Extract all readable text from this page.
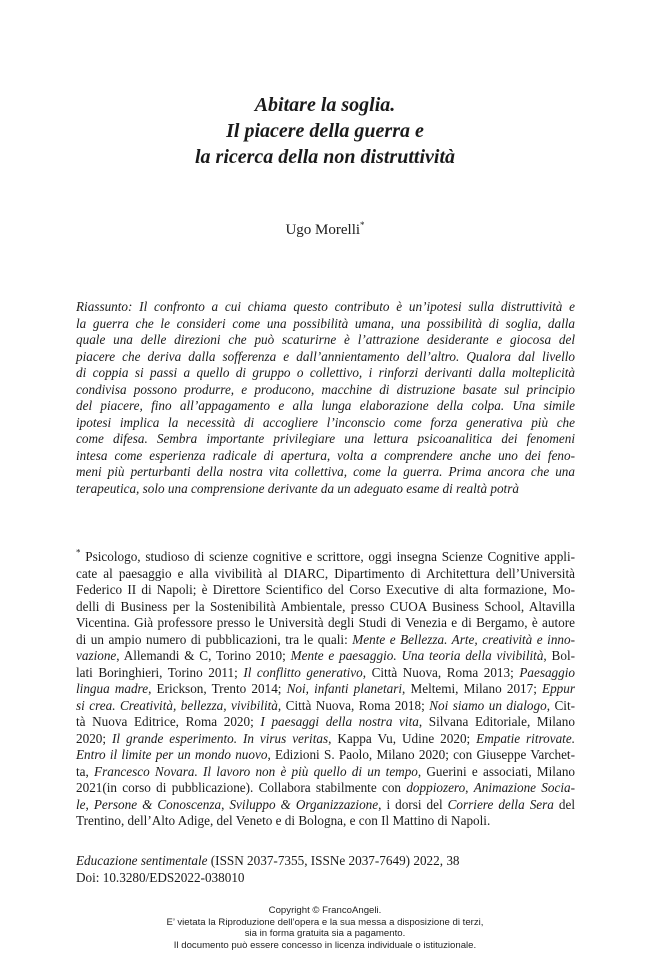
Abitare la soglia.
Il piacere della guerra e
la ricerca della non distruttività
Ugo Morelli*
Riassunto: Il confronto a cui chiama questo contributo è un’ipotesi sulla distruttività e
la guerra che le consideri come una possibilità umana, una possibilità di soglia, dalla
quale una delle direzioni che può scaturirne è l’attrazione desiderante e giocosa del
piacere che deriva dalla sofferenza e dall’annientamento dell’altro. Qualora dal livello
di coppia si passi a quello di gruppo o collettivo, i rinforzi derivanti dalla molteplicità
condivisa possono produrre, e producono, macchine di distruzione basate sul principio
del piacere, fino all’appagamento e alla lunga elaborazione della colpa. Una simile
ipotesi implica la necessità di accogliere l’inconscio come forza generativa più che
come difesa. Sembra importante privilegiare una lettura psicoanalitica dei fenomeni
intesa come esperienza radicale di apertura, volta a comprendere anche uno dei feno-
meni più perturbanti della nostra vita collettiva, come la guerra. Prima ancora che una
terapeutica, solo una comprensione derivante da un adeguato esame di realtà potrà
* Psicologo, studioso di scienze cognitive e scrittore, oggi insegna Scienze Cognitive appli-
cate al paesaggio e alla vivibilità al DIARC, Dipartimento di Architettura dell’Università
Federico II di Napoli; è Direttore Scientifico del Corso Executive di alta formazione, Mo-
delli di Business per la Sostenibilità Ambientale, presso CUOA Business School, Altavilla
Vicentina. Già professore presso le Università degli Studi di Venezia e di Bergamo, è autore
di un ampio numero di pubblicazioni, tra le quali: Mente e Bellezza. Arte, creatività e inno-
vazione, Allemandi & C, Torino 2010; Mente e paesaggio. Una teoria della vivibilità, Bol-
lati Boringhieri, Torino 2011; Il conflitto generativo, Città Nuova, Roma 2013; Paesaggio
lingua madre, Erickson, Trento 2014; Noi, infanti planetari, Meltemi, Milano 2017; Eppur
si crea. Creatività, bellezza, vivibilità, Città Nuova, Roma 2018; Noi siamo un dialogo, Cit-
tà Nuova Editrice, Roma 2020; I paesaggi della nostra vita, Silvana Editoriale, Milano
2020; Il grande esperimento. In virus veritas, Kappa Vu, Udine 2020; Empatie ritrovate.
Entro il limite per un mondo nuovo, Edizioni S. Paolo, Milano 2020; con Giuseppe Varchet-
ta, Francesco Novara. Il lavoro non è più quello di un tempo, Guerini e associati, Milano
2021(in corso di pubblicazione). Collabora stabilmente con doppiozero, Animazione Socia-
le, Persone & Conoscenza, Sviluppo & Organizzazione, i dorsi del Corriere della Sera del
Trentino, dell’Alto Adige, del Veneto e di Bologna, e con Il Mattino di Napoli.
Educazione sentimentale (ISSN 2037-7355, ISSNe 2037-7649) 2022, 38
Doi: 10.3280/EDS2022-038010
Copyright © FrancoAngeli.
E’ vietata la Riproduzione dell’opera e la sua messa a disposizione di terzi,
sia in forma gratuita sia a pagamento.
Il documento può essere concesso in licenza individuale o istituzionale.
